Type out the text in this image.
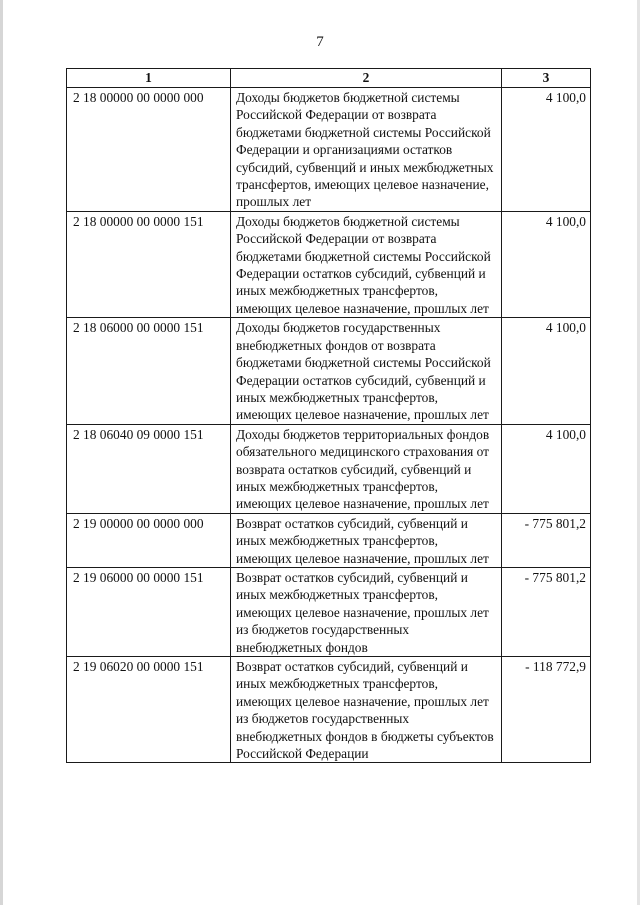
7
1	2	3
2 18 00000 00 0000 000	Доходы бюджетов бюджетной системы Российской Федерации от возврата бюджетами бюджетной системы Российской Федерации и организациями остатков субсидий, субвенций и иных межбюджетных трансфертов, имеющих целевое назначение, прошлых лет	4 100,0
2 18 00000 00 0000 151	Доходы бюджетов бюджетной системы Российской Федерации от возврата бюджетами бюджетной системы Российской Федерации остатков субсидий, субвенций и иных межбюджетных трансфертов, имеющих целевое назначение, прошлых лет	4 100,0
2 18 06000 00 0000 151	Доходы бюджетов государственных внебюджетных фондов от возврата бюджетами бюджетной системы Российской Федерации остатков субсидий, субвенций и иных межбюджетных трансфертов, имеющих целевое назначение, прошлых лет	4 100,0
2 18 06040 09 0000 151	Доходы бюджетов территориальных фондов обязательного медицинского страхования от возврата остатков субсидий, субвенций и иных межбюджетных трансфертов, имеющих целевое назначение, прошлых лет	4 100,0
2 19 00000 00 0000 000	Возврат остатков субсидий, субвенций и иных межбюджетных трансфертов, имеющих целевое назначение, прошлых лет	- 775 801,2
2 19 06000 00 0000 151	Возврат остатков субсидий, субвенций и иных межбюджетных трансфертов, имеющих целевое назначение, прошлых лет из бюджетов государственных внебюджетных фондов	- 775 801,2
2 19 06020 00 0000 151	Возврат остатков субсидий, субвенций и иных межбюджетных трансфертов, имеющих целевое назначение, прошлых лет из бюджетов государственных внебюджетных фондов в бюджеты субъектов Российской Федерации	- 118 772,9
